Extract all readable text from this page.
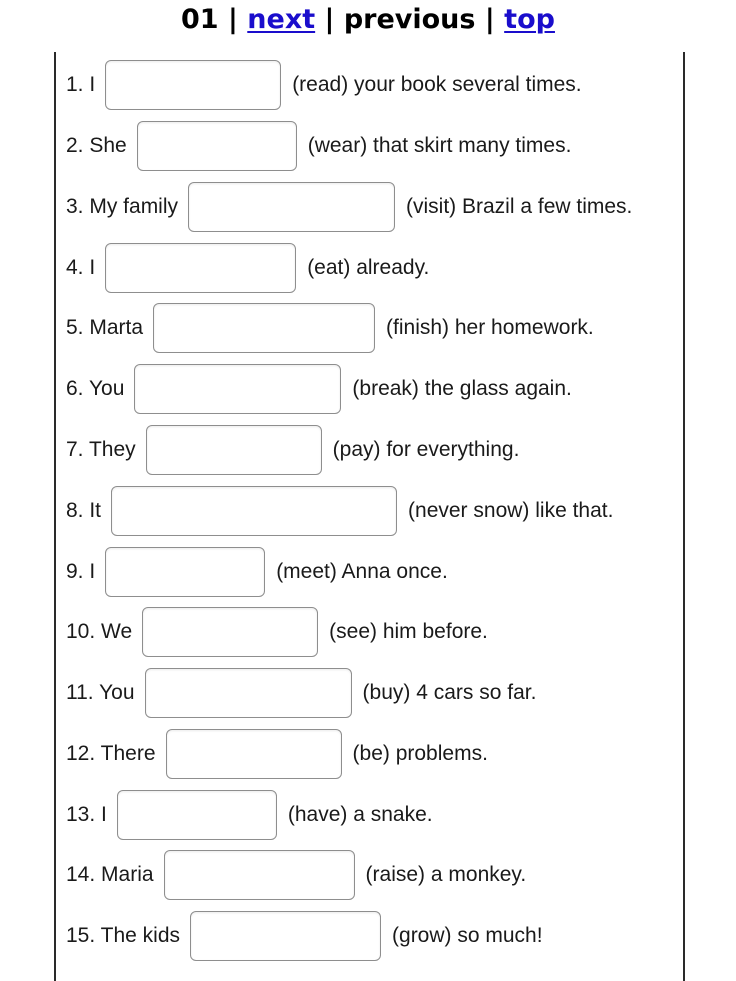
01 | next | previous | top
1. I	(read) your book several times.
2. She	(wear) that skirt many times.
3. My family	(visit) Brazil a few times.
4. I	(eat) already.
5. Marta	(finish) her homework.
6. You	(break) the glass again.
7. They	(pay) for everything.
8. It	(never snow) like that.
9. I	(meet) Anna once.
10. We	(see) him before.
11. You	(buy) 4 cars so far.
12. There	(be) problems.
13. I	(have) a snake.
14. Maria	(raise) a monkey.
15. The kids	(grow) so much!
